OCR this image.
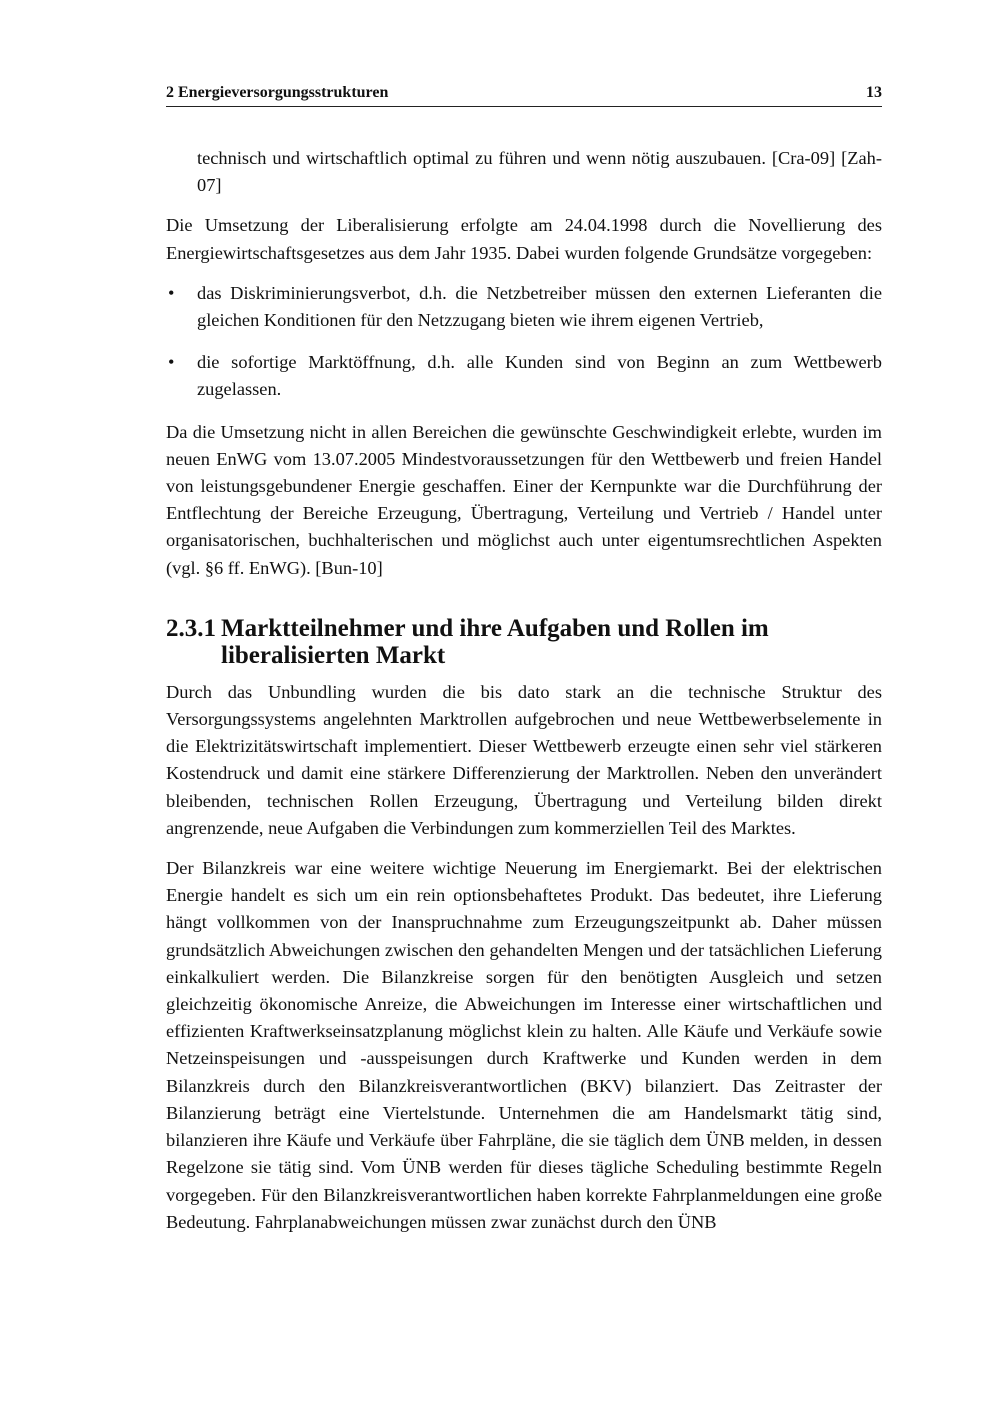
2 Energieversorgungsstrukturen	13

technisch und wirtschaftlich optimal zu führen und wenn nötig auszubauen. [Cra-09] [Zah-07]

Die Umsetzung der Liberalisierung erfolgte am 24.04.1998 durch die Novellierung des Energiewirtschaftsgesetzes aus dem Jahr 1935. Dabei wurden folgende Grundsätze vorgegeben:

• das Diskriminierungsverbot, d.h. die Netzbetreiber müssen den externen Lieferanten die gleichen Konditionen für den Netzzugang bieten wie ihrem eigenen Vertrieb,
• die sofortige Marktöffnung, d.h. alle Kunden sind von Beginn an zum Wettbewerb zugelassen.

Da die Umsetzung nicht in allen Bereichen die gewünschte Geschwindigkeit erlebte, wurden im neuen EnWG vom 13.07.2005 Mindestvoraussetzungen für den Wettbewerb und freien Handel von leistungsgebundener Energie geschaffen. Einer der Kernpunkte war die Durchführung der Entflechtung der Bereiche Erzeugung, Übertragung, Verteilung und Vertrieb / Handel unter organisatorischen, buchhalterischen und möglichst auch unter eigentumsrechtlichen Aspekten (vgl. §6 ff. EnWG). [Bun-10]

2.3.1 Marktteilnehmer und ihre Aufgaben und Rollen im liberalisierten Markt

Durch das Unbundling wurden die bis dato stark an die technische Struktur des Versorgungssystems angelehnten Marktrollen aufgebrochen und neue Wettbewerbselemente in die Elektrizitätswirtschaft implementiert. Dieser Wettbewerb erzeugte einen sehr viel stärkeren Kostendruck und damit eine stärkere Differenzierung der Marktrollen. Neben den unverändert bleibenden, technischen Rollen Erzeugung, Übertragung und Verteilung bilden direkt angrenzende, neue Aufgaben die Verbindungen zum kommerziellen Teil des Marktes.

Der Bilanzkreis war eine weitere wichtige Neuerung im Energiemarkt. Bei der elektrischen Energie handelt es sich um ein rein optionsbehaftetes Produkt. Das bedeutet, ihre Lieferung hängt vollkommen von der Inanspruchnahme zum Erzeugungszeitpunkt ab. Daher müssen grundsätzlich Abweichungen zwischen den gehandelten Mengen und der tatsächlichen Lieferung einkalkuliert werden. Die Bilanzkreise sorgen für den benötigten Ausgleich und setzen gleichzeitig ökonomische Anreize, die Abweichungen im Interesse einer wirtschaftlichen und effizienten Kraftwerkseinsatzplanung möglichst klein zu halten. Alle Käufe und Verkäufe sowie Netzeinspeisungen und -ausspeisungen durch Kraftwerke und Kunden werden in dem Bilanzkreis durch den Bilanzkreisverantwortlichen (BKV) bilanziert. Das Zeitraster der Bilanzierung beträgt eine Viertelstunde. Unternehmen die am Handelsmarkt tätig sind, bilanzieren ihre Käufe und Verkäufe über Fahrpläne, die sie täglich dem ÜNB melden, in dessen Regelzone sie tätig sind. Vom ÜNB werden für dieses tägliche Scheduling bestimmte Regeln vorgegeben. Für den Bilanzkreisverantwortlichen haben korrekte Fahrplanmeldungen eine große Bedeutung. Fahrplanabweichungen müssen zwar zunächst durch den ÜNB
